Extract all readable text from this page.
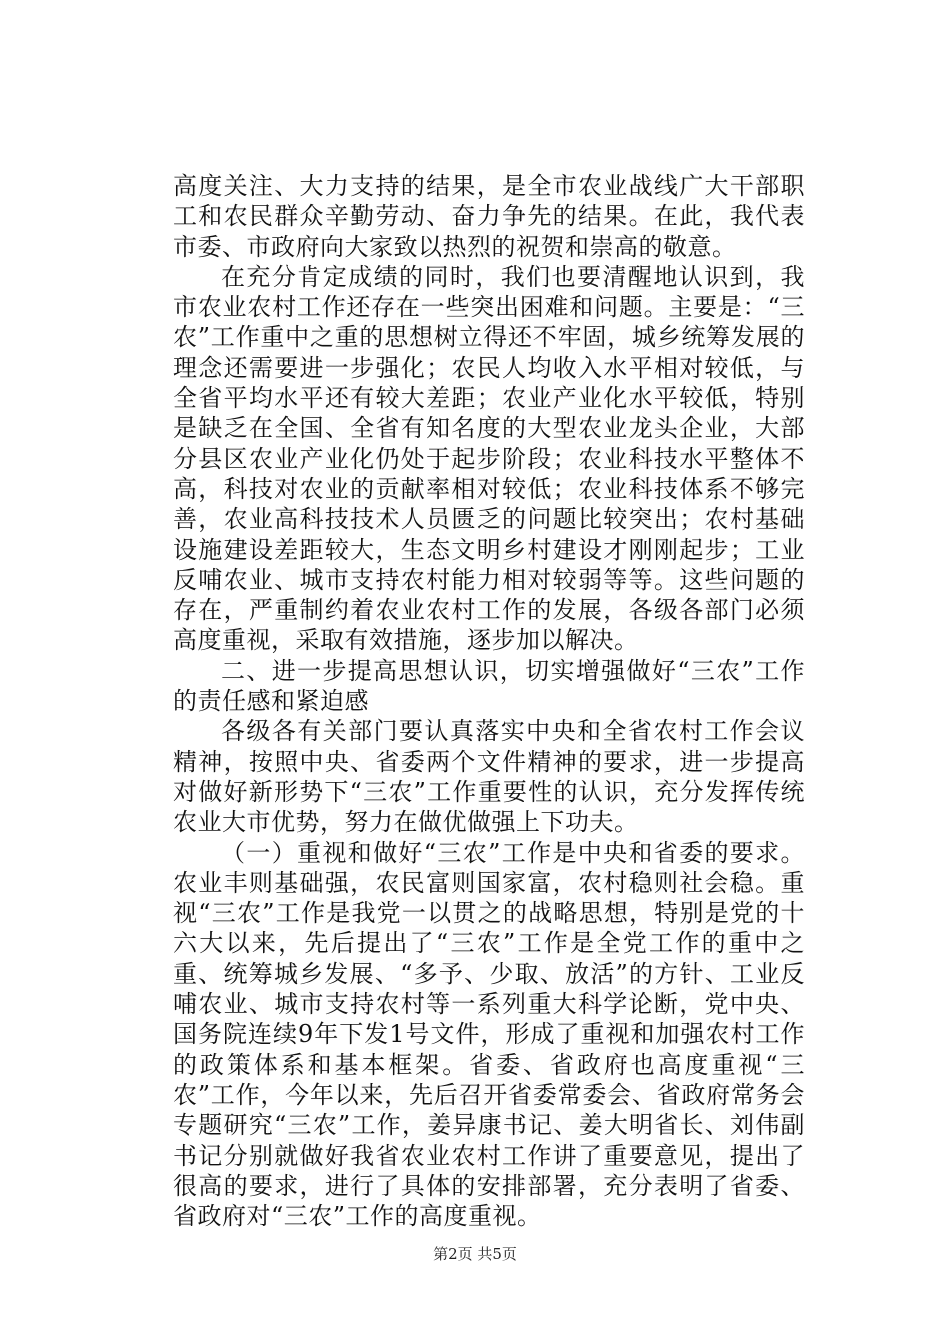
高度关注、大力支持的结果，是全市农业战线广大干部职工和农民群众辛勤劳动、奋力争先的结果。在此，我代表市委、市政府向大家致以热烈的祝贺和崇高的敬意。

在充分肯定成绩的同时，我们也要清醒地认识到，我市农业农村工作还存在一些突出困难和问题。主要是：“三农”工作重中之重的思想树立得还不牢固，城乡统筹发展的理念还需要进一步强化；农民人均收入水平相对较低，与全省平均水平还有较大差距；农业产业化水平较低，特别是缺乏在全国、全省有知名度的大型农业龙头企业，大部分县区农业产业化仍处于起步阶段；农业科技水平整体不高，科技对农业的贡献率相对较低；农业科技体系不够完善，农业高科技技术人员匮乏的问题比较突出；农村基础设施建设差距较大，生态文明乡村建设才刚刚起步；工业反哺农业、城市支持农村能力相对较弱等等。这些问题的存在，严重制约着农业农村工作的发展，各级各部门必须高度重视，采取有效措施，逐步加以解决。

二、进一步提高思想认识，切实增强做好“三农”工作的责任感和紧迫感

各级各有关部门要认真落实中央和全省农村工作会议精神，按照中央、省委两个文件精神的要求，进一步提高对做好新形势下“三农”工作重要性的认识，充分发挥传统农业大市优势，努力在做优做强上下功夫。

（一）重视和做好“三农”工作是中央和省委的要求。农业丰则基础强，农民富则国家富，农村稳则社会稳。重视“三农”工作是我党一以贯之的战略思想，特别是党的十六大以来，先后提出了“三农”工作是全党工作的重中之重、统筹城乡发展、“多予、少取、放活”的方针、工业反哺农业、城市支持农村等一系列重大科学论断，党中央、国务院连续9年下发1号文件，形成了重视和加强农村工作的政策体系和基本框架。省委、省政府也高度重视“三农”工作，今年以来，先后召开省委常委会、省政府常务会专题研究“三农”工作，姜异康书记、姜大明省长、刘伟副书记分别就做好我省农业农村工作讲了重要意见，提出了很高的要求，进行了具体的安排部署，充分表明了省委、省政府对“三农”工作的高度重视。

第2页 共5页
